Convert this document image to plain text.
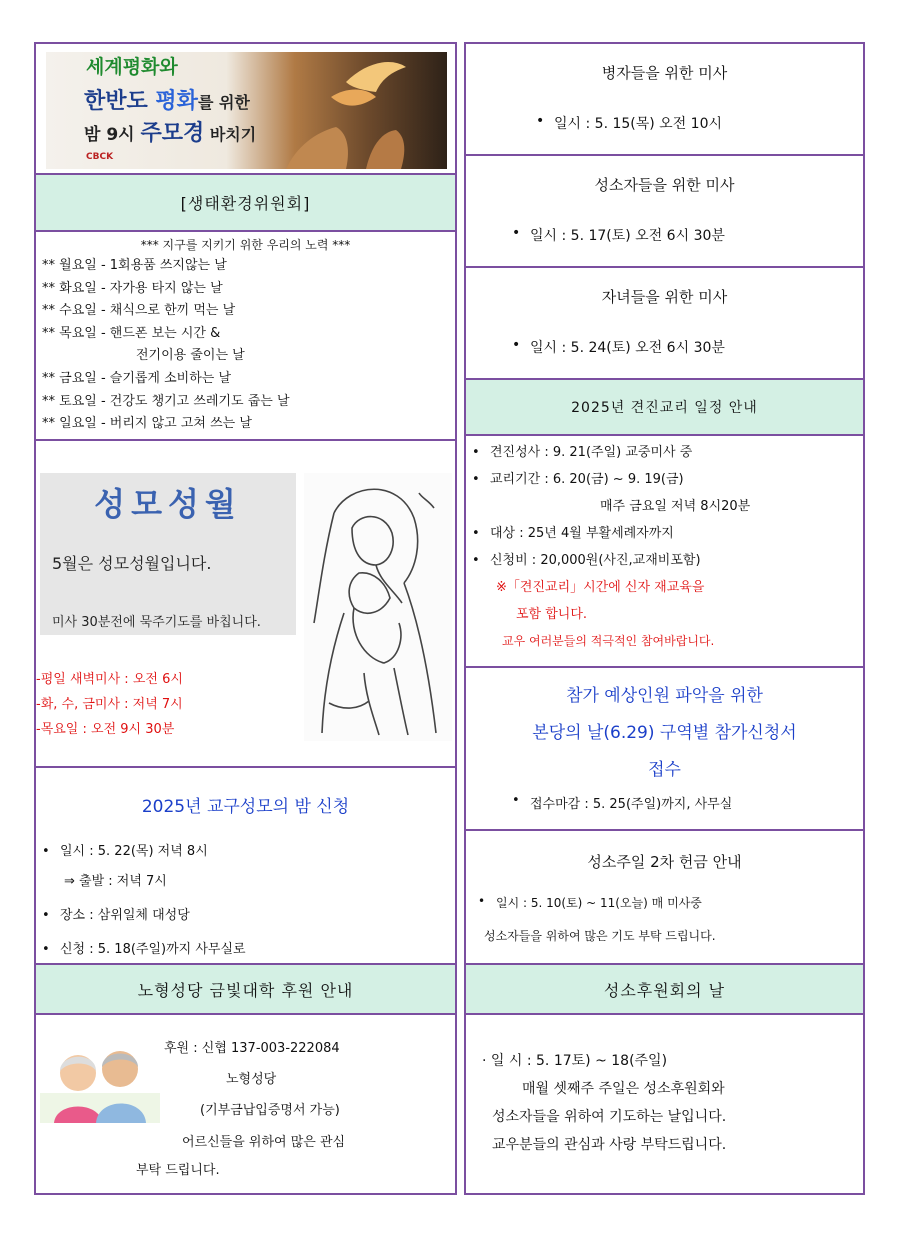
세계평화와
한반도 평화를 위한
밤 9시 주모경 바치기
CBCK
[생태환경위원회]
*** 지구를 지키기 위한 우리의 노력 ***
** 월요일 - 1회용품 쓰지않는 날
** 화요일 - 자가용 타지 않는 날
** 수요일 - 채식으로 한끼 먹는 날
** 목요일 - 핸드폰 보는 시간 &
전기이용 줄이는 날
** 금요일 - 슬기롭게 소비하는 날
** 토요일 - 건강도 챙기고 쓰레기도 줍는 날
** 일요일 - 버리지 않고 고쳐 쓰는 날
성모성월
5월은 성모성월입니다.
미사 30분전에 묵주기도를 바칩니다.
-평일 새벽미사 : 오전 6시
-화, 수, 금미사 : 저녁 7시
-목요일 : 오전 9시 30분
2025년 교구성모의 밤 신청
• 일시 : 5. 22(목) 저녁 8시
⇒ 출발 : 저녁 7시
• 장소 : 삼위일체 대성당
• 신청 : 5. 18(주일)까지 사무실로
노형성당 금빛대학 후원 안내
후원 : 신협 137-003-222084
노형성당
(기부금납입증명서 가능)
어르신들을 위하여 많은 관심
부탁 드립니다.
병자들을 위한 미사
• 일시 : 5. 15(목) 오전 10시
성소자들을 위한 미사
• 일시 : 5. 17(토) 오전 6시 30분
자녀들을 위한 미사
• 일시 : 5. 24(토) 오전 6시 30분
2025년 견진교리 일정 안내
• 견진성사 : 9. 21(주일) 교중미사 중
• 교리기간 : 6. 20(금) ~ 9. 19(금)
매주 금요일 저녁 8시20분
• 대상 : 25년 4월 부활세례자까지
• 신청비 : 20,000원(사진,교재비포함)
※「견진교리」시간에 신자 재교육을
포함 합니다.
교우 여러분들의 적극적인 참여바랍니다.
참가 예상인원 파악을 위한
본당의 날(6.29) 구역별 참가신청서
접수
• 접수마감 : 5. 25(주일)까지, 사무실
성소주일 2차 헌금 안내
• 일시 : 5. 10(토) ~ 11(오늘) 매 미사중
성소자들을 위하여 많은 기도 부탁 드립니다.
성소후원회의 날
· 일 시 : 5. 17토) ~ 18(주일)
매월 셋째주 주일은 성소후원회와
성소자들을 위하여 기도하는 날입니다.
교우분들의 관심과 사랑 부탁드립니다.
